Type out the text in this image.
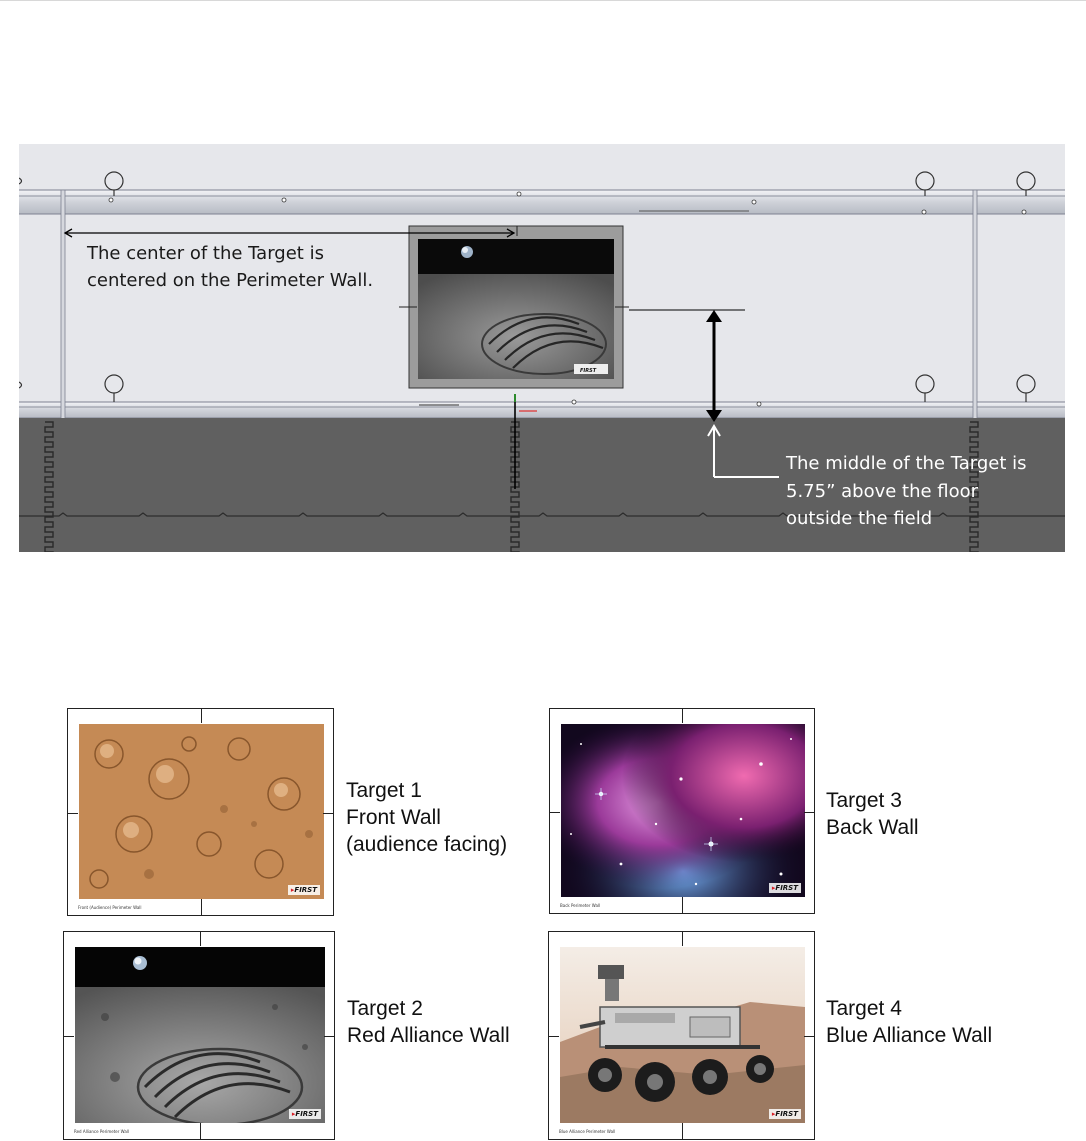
The center of the Target is
centered on the Perimeter Wall.
The middle of the Target is
5.75” above the floor
outside the field
FIRST
▸FIRST
Front (Audience) Perimeter Wall
Target 1
Front Wall
(audience facing)
▸FIRST
Back Perimeter Wall
Target 3
Back Wall
▸FIRST
Red Alliance Perimeter Wall
Target 2
Red Alliance Wall
▸FIRST
Blue Alliance Perimeter Wall
Target 4
Blue Alliance Wall
